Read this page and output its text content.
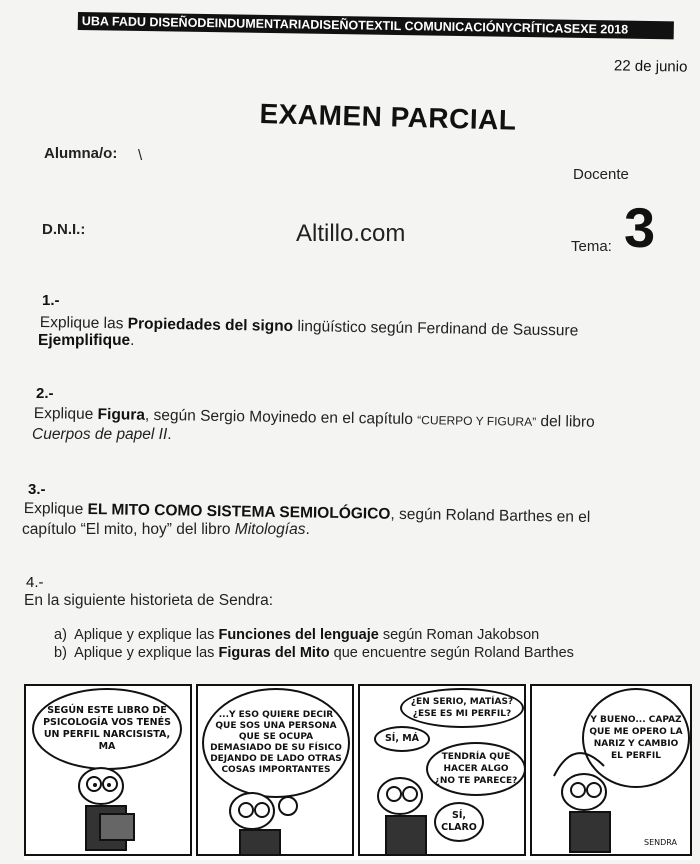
UBA FADU DISEÑODEINDUMENTARIADISEÑOTEXTIL COMUNICACIÓNYCRÍTICASEXE 2018
22 de junio
EXAMEN PARCIAL
Alumna/o: \
Docente
D.N.I.:	Altillo.com	Tema: 3
1.-
Explique las Propiedades del signo lingüístico según Ferdinand de Saussure
Ejemplifique.
2.-
Explique Figura, según Sergio Moyinedo en el capítulo “CUERPO Y FIGURA” del libro
Cuerpos de papel II.
3.-
Explique EL MITO COMO SISTEMA SEMIOLÓGICO, según Roland Barthes en el
capítulo “El mito, hoy” del libro Mitologías.
4.-
En la siguiente historieta de Sendra:
a) Aplique y explique las Funciones del lenguaje según Roman Jakobson
b) Aplique y explique las Figuras del Mito que encuentre según Roland Barthes
SEGÚN ESTE LIBRO DE PSICOLOGÍA VOS TENÉS UN PERFIL NARCISISTA, MA
...Y ESO QUIERE DECIR QUE SOS UNA PERSONA QUE SE OCUPA DEMASIADO DE SU FÍSICO DEJANDO DE LADO OTRAS COSAS IMPORTANTES
¿EN SERIO, MATÍAS? ¿ESE ES MI PERFIL?
SÍ, MÁ
TENDRÍA QUE HACER ALGO ¿NO TE PARECE?
SÍ, CLARO
Y BUENO... CAPAZ QUE ME OPERO LA NARIZ Y CAMBIO EL PERFIL
SENDRA
